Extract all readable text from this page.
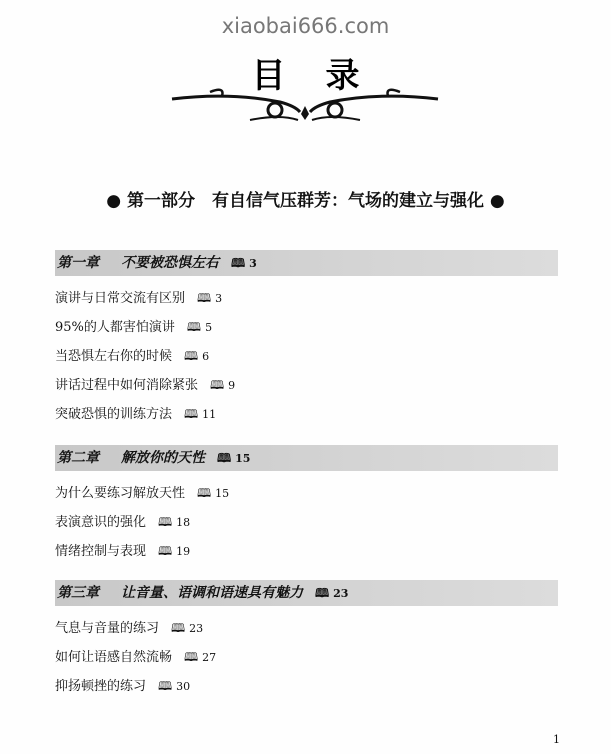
xiaobai666.com
目录
● 第一部分　有自信气压群芳：气场的建立与强化 ●
第一章 不要被恐惧左右 🕮 3
演讲与日常交流有区别 🕮 3
95%的人都害怕演讲 🕮 5
当恐惧左右你的时候 🕮 6
讲话过程中如何消除紧张 🕮 9
突破恐惧的训练方法 🕮 11
第二章 解放你的天性 🕮 15
为什么要练习解放天性 🕮 15
表演意识的强化 🕮 18
情绪控制与表现 🕮 19
第三章 让音量、语调和语速具有魅力 🕮 23
气息与音量的练习 🕮 23
如何让语感自然流畅 🕮 27
抑扬顿挫的练习 🕮 30
1
